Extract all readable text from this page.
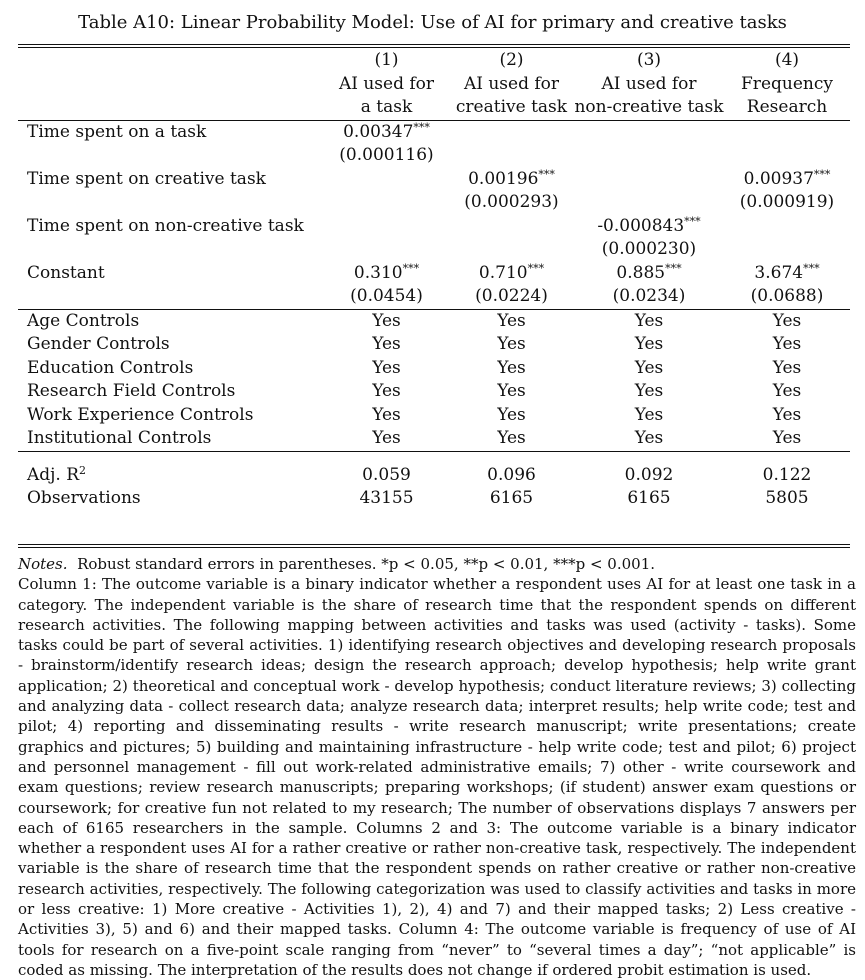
Table A10: Linear Probability Model: Use of AI for primary and creative tasks
	(1)	(2)	(3)	(4)
	AI used for	AI used for	AI used for	Frequency
	a task	creative task	non-creative task	Research

Time spent on a task	0.00347***			
	(0.000116)			
Time spent on creative task		0.00196***		0.00937***
		(0.000293)		(0.000919)
Time spent on non-creative task			-0.000843***	
			(0.000230)	
Constant	0.310***	0.710***	0.885***	3.674***
	(0.0454)	(0.0224)	(0.0234)	(0.0688)

Age Controls	Yes	Yes	Yes	Yes
Gender Controls	Yes	Yes	Yes	Yes
Education Controls	Yes	Yes	Yes	Yes
Research Field Controls	Yes	Yes	Yes	Yes
Work Experience Controls	Yes	Yes	Yes	Yes
Institutional Controls	Yes	Yes	Yes	Yes

Adj. $R^2$	0.059	0.096	0.092	0.122
Observations	43155	6165	6165	5805

Notes. Robust standard errors in parentheses. *p < 0.05, **p < 0.01, ***p < 0.001.

Column 1: The outcome variable is a binary indicator whether a respondent uses AI for at least one task in a category. The independent variable is the share of research time that the respondent spends on different research activities. The following mapping between activities and tasks was used (activity - tasks). Some tasks could be part of several activities. 1) identifying research objectives and developing research proposals - brainstorm/identify research ideas; design the research approach; develop hypothesis; help write grant application; 2) theoretical and conceptual work - develop hypothesis; conduct literature reviews; 3) collecting and analyzing data - collect research data; analyze research data; interpret results; help write code; test and pilot; 4) reporting and disseminating results - write research manuscript; write presentations; create graphics and pictures; 5) building and maintaining infrastructure - help write code; test and pilot; 6) project and personnel management - fill out work-related administrative emails; 7) other - write coursework and exam questions; review research manuscripts; preparing workshops; (if student) answer exam questions or coursework; for creative fun not related to my research; The number of observations displays 7 answers per each of 6165 researchers in the sample. Columns 2 and 3: The outcome variable is a binary indicator whether a respondent uses AI for a rather creative or rather non-creative task, respectively. The independent variable is the share of research time that the respondent spends on rather creative or rather non-creative research activities, respectively. The following categorization was used to classify activities and tasks in more or less creative: 1) More creative - Activities 1), 2), 4) and 7) and their mapped tasks; 2) Less creative - Activities 3), 5) and 6) and their mapped tasks. Column 4: The outcome variable is frequency of use of AI tools for research on a five-point scale ranging from “never” to “several times a day”; “not applicable” is coded as missing. The interpretation of the results does not change if ordered probit estimation is used.
